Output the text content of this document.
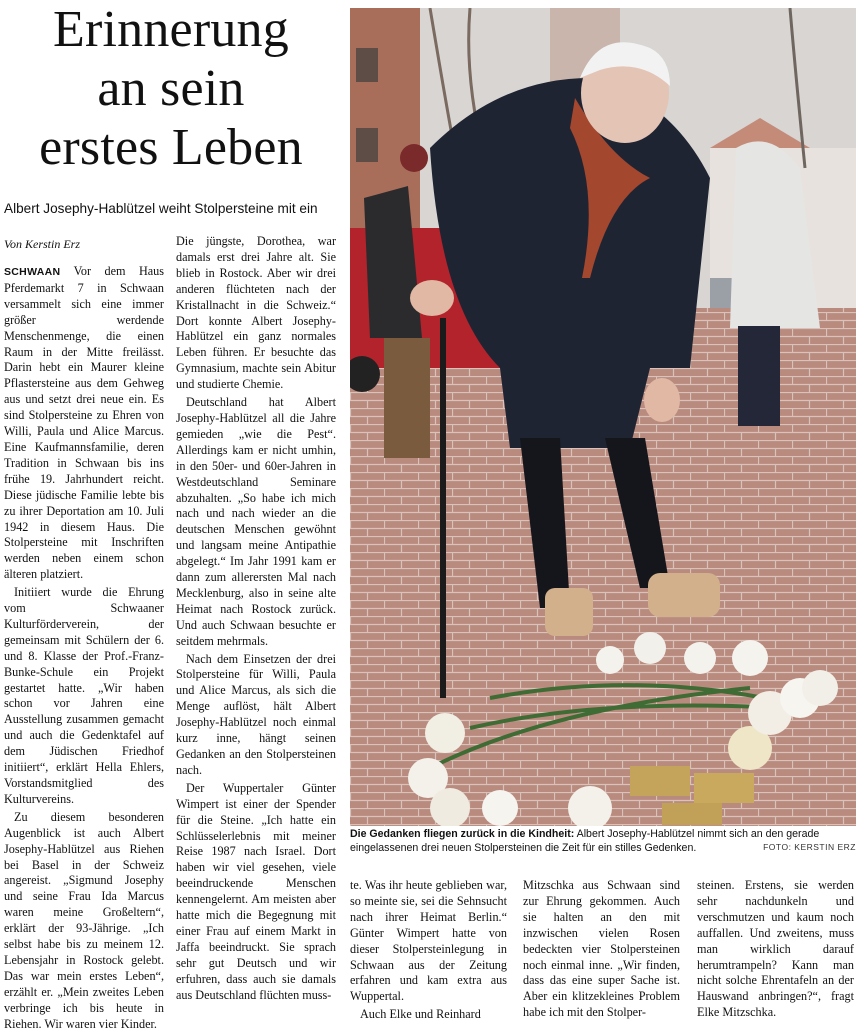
Erinnerung
an sein
erstes Leben
Albert Josephy-Hablützel weiht Stolpersteine mit ein
Von Kerstin Erz

SCHWAAN Vor dem Haus Pferdemarkt 7 in Schwaan versammelt sich eine immer größer werdende Menschenmenge, die einen Raum in der Mitte freilässt. Darin hebt ein Maurer kleine Pflastersteine aus dem Gehweg aus und setzt drei neue ein. Es sind Stolpersteine zu Ehren von Willi, Paula und Alice Marcus. Eine Kaufmannsfamilie, deren Tradition in Schwaan bis ins frühe 19. Jahrhundert reicht. Diese jüdische Familie lebte bis zu ihrer Deportation am 10. Juli 1942 in diesem Haus. Die Stolpersteine mit Inschriften werden neben einem schon älteren platziert.

Initiiert wurde die Ehrung vom Schwaaner Kulturförderverein, der gemeinsam mit Schülern der 6. und 8. Klasse der Prof.-Franz-Bunke-Schule ein Projekt gestartet hatte. „Wir haben schon vor Jahren eine Ausstellung zusammen gemacht und auch die Gedenktafel auf dem Jüdischen Friedhof initiiert“, erklärt Hella Ehlers, Vorstandsmitglied des Kulturvereins.

Zu diesem besonderen Augenblick ist auch Albert Josephy-Hablützel aus Riehen bei Basel in der Schweiz angereist. „Sigmund Josephy und seine Frau Ida Marcus waren meine Großeltern“, erklärt der 93-Jährige. „Ich selbst habe bis zu meinem 12. Lebensjahr in Rostock gelebt. Das war mein erstes Leben“, erzählt er. „Mein zweites Leben verbringe ich bis heute in Riehen. Wir waren vier Kinder.

Die jüngste, Dorothea, war damals erst drei Jahre alt. Sie blieb in Rostock. Aber wir drei anderen flüchteten nach der Kristallnacht in die Schweiz.“ Dort konnte Albert Josephy-Hablützel ein ganz normales Leben führen. Er besuchte das Gymnasium, machte sein Abitur und studierte Chemie.

Deutschland hat Albert Josephy-Hablützel all die Jahre gemieden „wie die Pest“. Allerdings kam er nicht umhin, in den 50er- und 60er-Jahren in Westdeutschland Seminare abzuhalten. „So habe ich mich nach und nach wieder an die deutschen Menschen gewöhnt und langsam meine Antipathie abgelegt.“ Im Jahr 1991 kam er dann zum allerersten Mal nach Mecklenburg, also in seine alte Heimat nach Rostock zurück. Und auch Schwaan besuchte er seitdem mehrmals.

Nach dem Einsetzen der drei Stolpersteine für Willi, Paula und Alice Marcus, als sich die Menge auflöst, hält Albert Josephy-Hablützel noch einmal kurz inne, hängt seinen Gedanken an den Stolpersteinen nach.

Der Wuppertaler Günter Wimpert ist einer der Spender für die Steine. „Ich hatte ein Schlüsselerlebnis mit meiner Reise 1987 nach Israel. Dort haben wir viel gesehen, viele beeindruckende Menschen kennengelernt. Am meisten aber hatte mich die Begegnung mit einer Frau auf einem Markt in Jaffa beeindruckt. Sie sprach sehr gut Deutsch und wir erfuhren, dass auch sie damals aus Deutschland flüchten muss-

te. Was ihr heute geblieben war, so meinte sie, sei die Sehnsucht nach ihrer Heimat Berlin.“ Günter Wimpert hatte von dieser Stolpersteinlegung in Schwaan aus der Zeitung erfahren und kam extra aus Wuppertal.

Auch Elke und Reinhard

Mitzschka aus Schwaan sind zur Ehrung gekommen. Auch sie halten an den mit inzwischen vielen Rosen bedeckten vier Stolpersteinen noch einmal inne. „Wir finden, dass das eine super Sache ist. Aber ein klitzekleines Problem habe ich mit den Stolper-

steinen. Erstens, sie werden sehr nachdunkeln und verschmutzen und kaum noch auffallen. Und zweitens, muss man wirklich darauf herumtrampeln? Kann man nicht solche Ehrentafeln an der Hauswand anbringen?“, fragt Elke Mitzschka.

Die Gedanken fliegen zurück in die Kindheit: Albert Josephy-Hablützel nimmt sich an den gerade eingelassenen drei neuen Stolpersteinen die Zeit für ein stilles Gedenken.	FOTO: KERSTIN ERZ
